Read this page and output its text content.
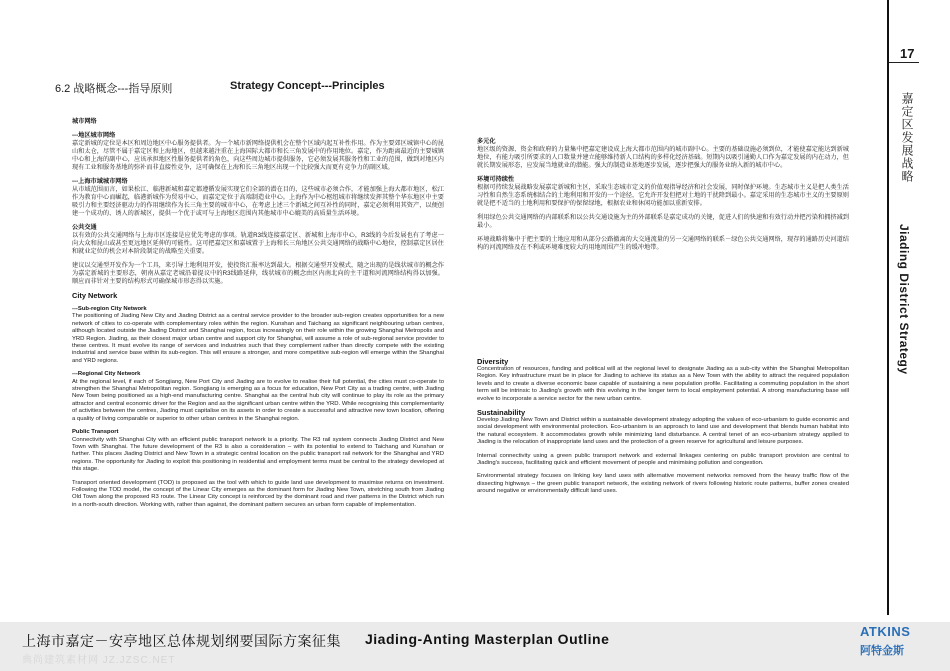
17
嘉定区发展战略
Jiading District Strategy
6.2 战略概念---指导原则	Strategy Concept---Principles
城市网络
---地区城市网络

嘉定新城的定位是本区和周边地区中心服务提供者。为一个城市新网络提供机会在整个区域内起互补性作用。作为主要郊区城镇中心的昆山和太仓，尽管不属于嘉定区和上海地区，但越来越注重在上海国际大都市和长三角发展中的作用地位。嘉定，作为距离最近的主要城镇中心和上海的副中心，应该承担地区性服务提供者的角色，向这些周边城市提供服务，它必须发展其服务性和工业的范围，做到对地区内现有工业和服务基地的弥补而非直接性竞争，这可确保在上海和长三角地区出现一个比较强大而更有竞争力的副区域。

---上海市域城市网络

从市域范围而言，如果松江、临港新城和嘉定都遵循发展实现它们全部的潜在目的，这些城市必须合作，才能加强上海大都市地区，松江作为教育中心而崛起，临港新城作为贸易中心，而嘉定定位于高端制造业中心。上海作为中心枢纽城市将继续发挥其整个华东地区中主要吸引力和主要经济驱动力的作用继续作为长三角主要的城市中心，在考虑上述三个新城之间互补性的同时，嘉定必须利用其资产，以便创建一个成功的、诱人的新城区，提供一个优于或可与上海地区范围内其他城市中心媲美的高质量生活环境。

公共交通

以有效的公共交通网络与上海市区连接是应优先考虑的事项。轨道R3线连接嘉定区、新城和上海市中心，R3线的今后发展也有了考虑一向大众和昆山或甚至更远地区延伸的可能性。这可把嘉定区和嘉城置于上海和长三角地区公共交通网络的战略中心地位，控制嘉定区居住和就业定位的机会对本阶段制定的战略至关重要。

建议以交通型开发作为一个工具，来引导土地利用开发，使投资汇报率达到最大。根据交通型开发模式，随之出现的是线状城市的概念作为嘉定新城的主要形态，朝南从嘉定老城沿着提议中的R3线路延伸，线状城市的概念由区内南北向的主干道和河流网络结构得以加强。顺应而非针对主要的结构形式可确保城市形态得以实施。

City Network
---Sub-region City Network

The positioning of Jiading New City and Jiading District as a central service provider to the broader sub-region creates opportunities for a new network of cities to co-operate with complementary roles within the region. Kunshan and Taichang as significant neighbouring urban centres, although located outside the Jiading District and Shanghai region, focus increasingly on their role within the growing Shanghai Metropolis and YRD Region. Jiading, as their closest major urban centre and support city for Shanghai, will assume a role of sub-regional service provider to these centres. It must evolve its range of services and industries such that they complement rather than directly compete with the existing industrial and service base within its sub-region. This will ensure a stronger, and more competitive sub-region will emerge within the Shanghai and YRD regions.

---Regional City Network

At the regional level, if each of Songjiang, New Port City and Jiading are to evolve to realise their full potential, the cities must co-operate to strengthen the Shanghai Metropolitan region. Songjiang is emerging as a focus for education, New Port City as a trading centre, with Jiading New Town being positioned as a high-end manufacturing centre. Shanghai as the central hub city will continue to play its role as the primary attractor and central economic driver for the Region and as the significant urban centre within the YRD. While recognising this complementarity of activities between the centres, Jiading must capitalise on its assets in order to create a successful and attractive new town location, offering a quality of living comparable or superior to other urban centres in the Shanghai region.

Public Transport

Connectivity with Shanghai City with an efficient public transport network is a priority. The R3 rail system connects Jiading District and New Town with Shanghai. The future development of the R3 is also a consideration – with its potential to extend to Taichang and Kunshan or further. This places Jiading District and New Town in a strategic central location on the public transport rail network for the Shanghai and YRD regions. The opportunity for Jiading to exploit this positioning in residential and employment terms must be central to the strategy developed at this stage.

Transport oriented development (TOD) is proposed as the tool with which to guide land use development to maximise returns on investment. Following the TOD model, the concept of the Linear City emerges as the dominant form for Jiading New Town, stretching south from Jiading Old Town along the proposed R3 route. The Linear City concept is reinforced by the dominant road and river patterns in the District which run in a north-south direction. Working with, rather than against, the dominant pattern secures an urban form capable of implementation.

多元化

地区级的资源、资金和政府的力量集中把嘉定建设成上海大都市范围内的城市副中心。主要的基础设施必须到位，才能使嘉定能达到新城地位，有能力吸引所要求的人口数量并建立能够维持新人口结构的多样化经济基础。短期内以吸引通勤人口作为嘉定发展的内在动力，但就长期发展形态，应发展当地就业的潜能。强大的制造业基地逐步发展，逐步把强大的服务业纳入新的城市中心。

环境可持续性

根据可持续发展战略发展嘉定新城和主区，采取生态城市定义的价值观指导经济和社会发展，同时保护环境。生态城市主义是把人类生活习性和自然生态系统相结合的土地利用和开发的一个途径，它允许开发但把对土地的干扰降到最小。嘉定采用的生态城市主义的主要原则就是把不适当的土地利用和要保护的保留绿地，根据农业和休闲功能加以重新安排。

利用绿色公共交通网络的内部联系和以公共交通设施为主的外部联系是嘉定成功的关键，促进人们的快速和有效行动并把污染和拥挤减到最小。

环境战略将集中于把主要的土地应用和从部分公路撤离的大交通流量的另一交通网络的联系－绿色公共交通网络，现存的通路历史河道结构的河流网络及在不利或环境难度较大的用地周围产生的缓冲地带。

Diversity

Concentration of resources, funding and political will at the regional level to designate Jiading as a sub-city within the Shanghai Metropolitan Region. Key infrastructure must be in place for Jiading to achieve its status as a New Town with the ability to attract the required population levels and to create a diverse economic base capable of sustaining a new population profile. Facilitating a commuting population in the short term will be intrinsic to Jiading's growth with this evolving in the longer term to local employment potential. A strong manufacturing base will evolve to incorporate a service sector for the new urban centre.

Sustainability

Develop Jiading New Town and District within a sustainable development strategy adopting the values of eco-urbanism to guide economic and social development with environmental protection. Eco-urbanism is an approach to land use and development that blends human habitat into the natural ecosystem. It accommodates growth while minimizing land disturbance. A central tenet of an eco-urbanism strategy applied to Jiading is the relocation of inappropriate land uses and the protection of a green reserve for agricultural and leisure purposes.

Internal connectivity using a green public transport network and external linkages centering on public transport provision are central to Jiading's success, facilitating quick and efficient movement of people and minimising pollution and congestion.

Environmental strategy focuses on linking key land uses with alternative movement networks removed from the heavy traffic flow of the dissecting highways – the green public transport network, the existing network of rivers following historic route patterns, buffer zones created around negative or environmentally difficult land uses.

上海市嘉定－安亭地区总体规划纲要国际方案征集 Jiading-Anting Masterplan Outline	ATKINS
阿特金斯
典尚建筑素材网 JZ.JZSC.NET
